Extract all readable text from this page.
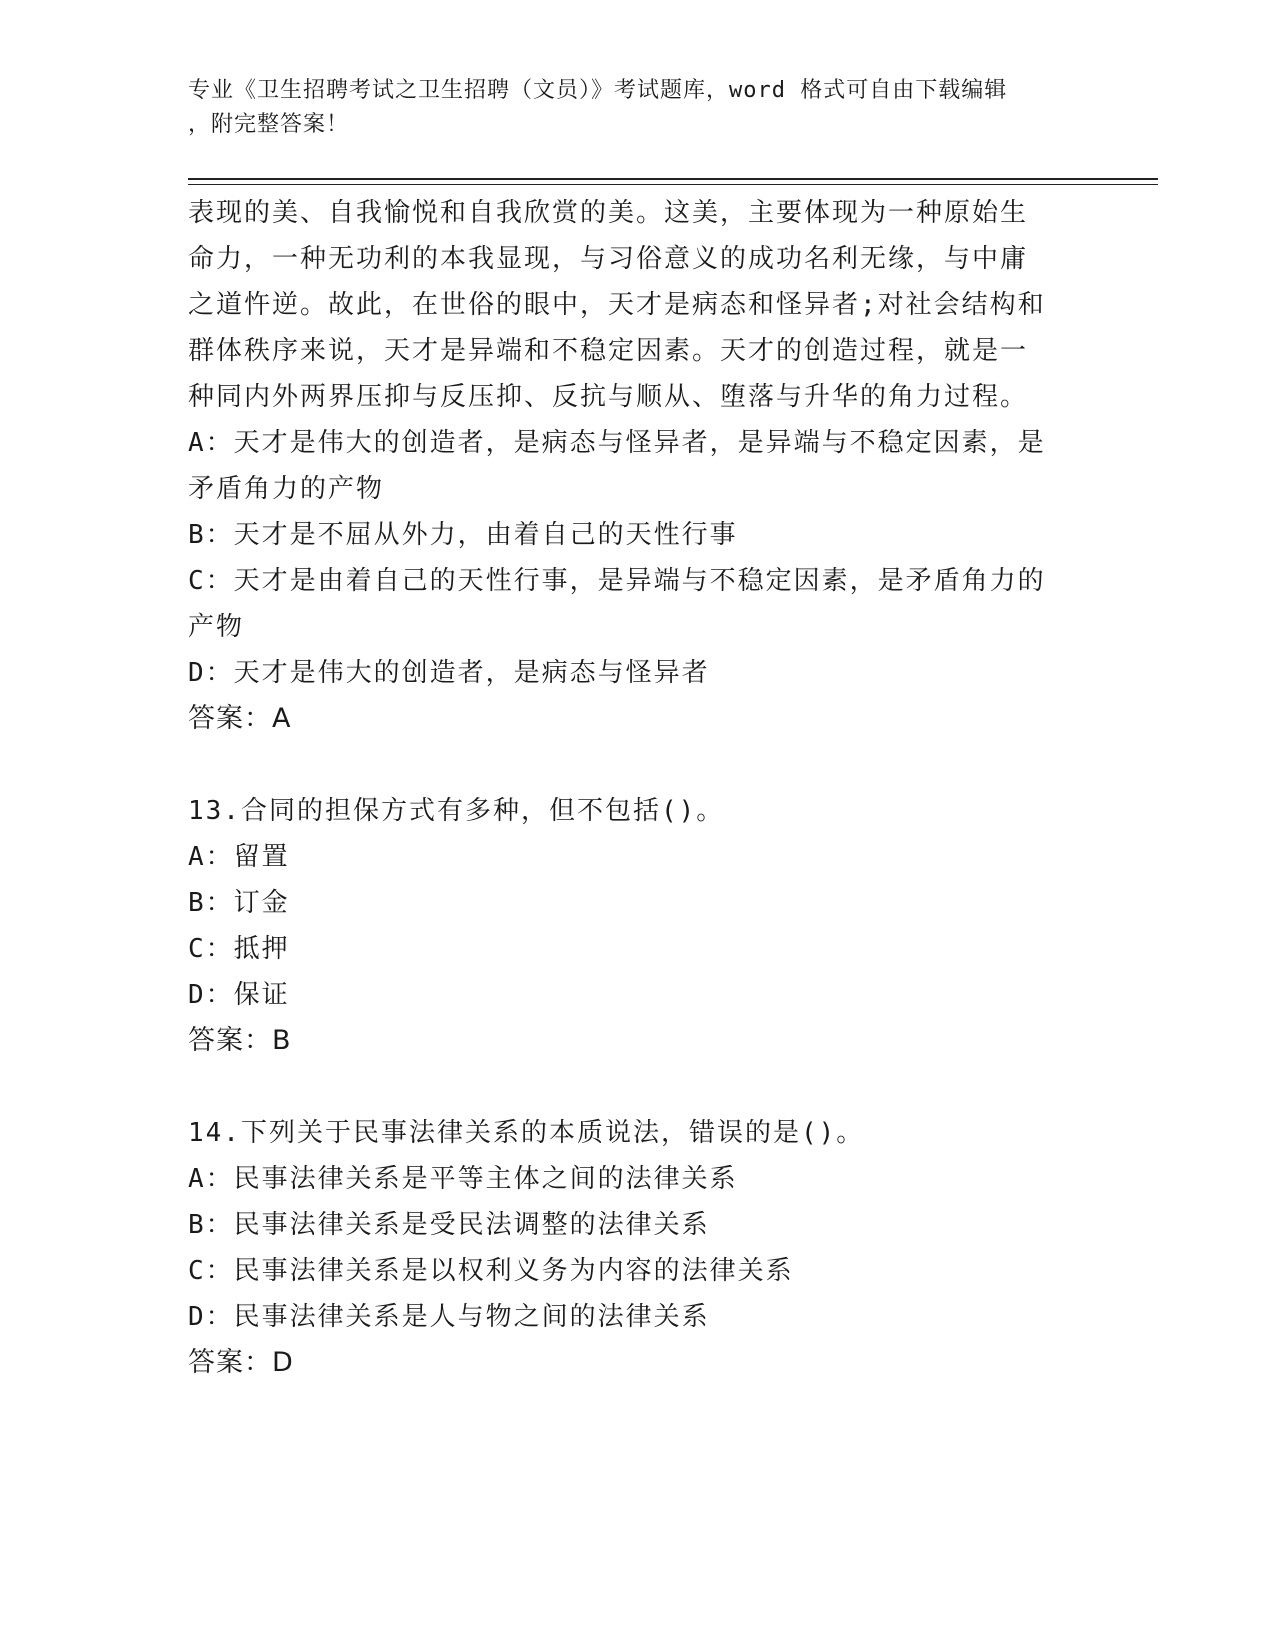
专业《卫生招聘考试之卫生招聘（文员）》考试题库，word 格式可自由下载编辑
，附完整答案！

表现的美、自我愉悦和自我欣赏的美。这美，主要体现为一种原始生

命力，一种无功利的本我显现，与习俗意义的成功名利无缘，与中庸

之道忤逆。故此，在世俗的眼中，天才是病态和怪异者;对社会结构和

群体秩序来说，天才是异端和不稳定因素。天才的创造过程，就是一

种同内外两界压抑与反压抑、反抗与顺从、堕落与升华的角力过程。

A：天才是伟大的创造者，是病态与怪异者，是异端与不稳定因素，是

矛盾角力的产物

B：天才是不屈从外力，由着自己的天性行事

C：天才是由着自己的天性行事，是异端与不稳定因素，是矛盾角力的

产物

D：天才是伟大的创造者，是病态与怪异者

答案：A

13.合同的担保方式有多种，但不包括()。

A：留置

B：订金

C：抵押

D：保证

答案：B

14.下列关于民事法律关系的本质说法，错误的是()。

A：民事法律关系是平等主体之间的法律关系

B：民事法律关系是受民法调整的法律关系

C：民事法律关系是以权利义务为内容的法律关系

D：民事法律关系是人与物之间的法律关系

答案：D
